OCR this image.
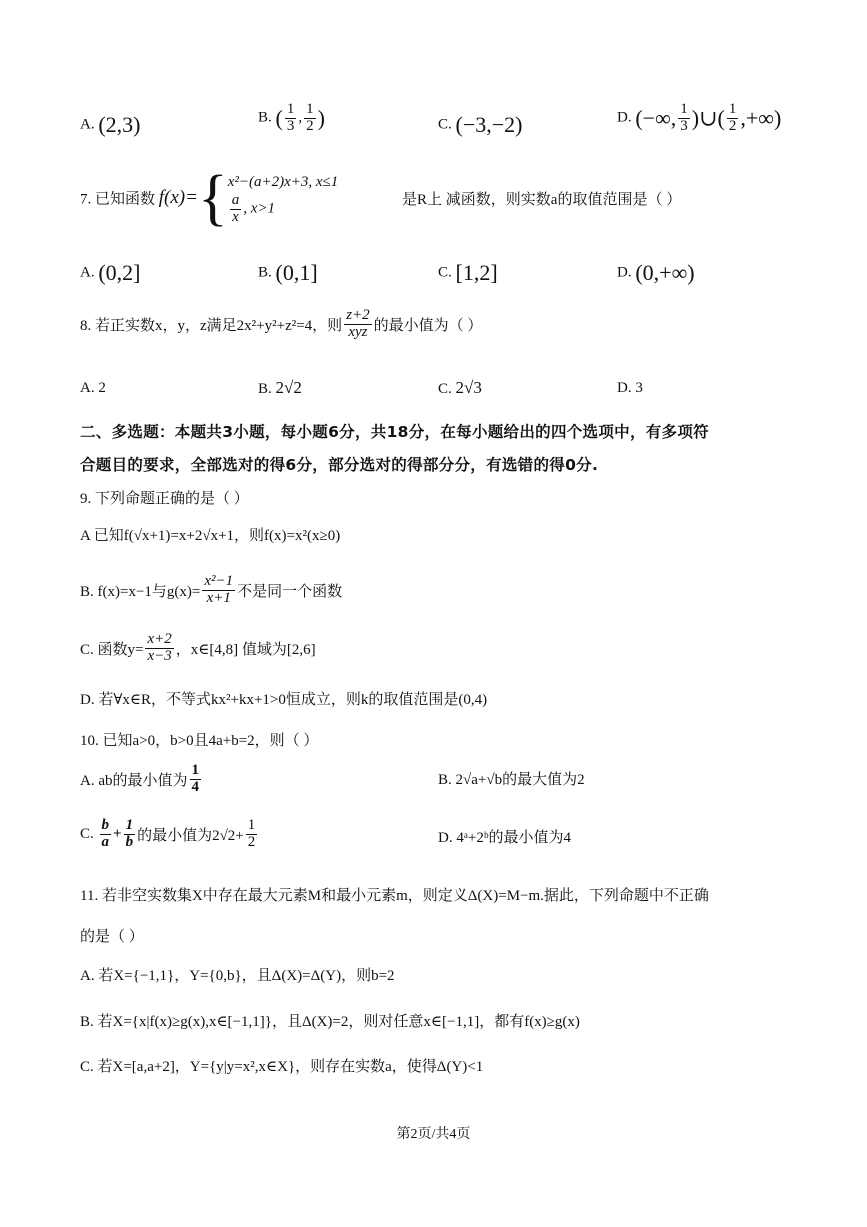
A. (2,3)	B. ( $\frac{1}{3}$ , $\frac{1}{2}$ )	C. (−3,−2)	D. (−∞, $\frac{1}{3}$ )∪( $\frac{1}{2}$ ,+∞)
7. 已知函数 f(x)={ x²−(a+2)x+3, x≤1
$\frac{a}{x}$ , x>1
是R上 减函数，则实数a的取值范围是（ ）
A. (0,2]	B. (0,1]	C. [1,2]	D. (0,+∞)
8. 若正实数x，y，z满足2x²+y²+z²=4，则 $\frac{z+2}{\text{xyz}}$ 的最小值为（ ）
A. 2	B. 2√2	C. 2√3	D. 3
二、多选题：本题共3小题，每小题6分，共18分，在每小题给出的四个选项中，有多项符
合题目的要求，全部选对的得6分，部分选对的得部分分，有选错的得0分.
9. 下列命题正确的是（ ）
A 已知f(√x+1)=x+2√x+1，则f(x)=x²(x≥0)
B. f(x)=x−1与$g(x)= \frac{\text{x²−1}}{x+1}$ 不是同一个函数
C. 函数$y= \frac{x+2}{x-3}$ ，x∈[4,8] 值域为[2,6]
D. 若∀x∈R，不等式kx²+kx+1>0恒成立，则k的取值范围是(0,4)
10. 已知a>0，b>0且4a+b=2，则（ ）
A. ab的最小值为 $\frac{1}{4}$	B. 2√a+√b的最大值为2
C. $\frac{b}{a} + \frac{1}{b}$ 的最小值为$2√2+ \frac{1}{2}$	D. 4ᵃ+2ᵇ的最小值为4
11. 若非空实数集X中存在最大元素M和最小元素m，则定义Δ(X)=M−m.据此，下列命题中不正确
的是（ ）
A. 若X={−1,1}，Y={0,b}，且Δ(X)=Δ(Y)，则b=2
B. 若X={x|f(x)≥g(x),x∈[−1,1]}，且Δ(X)=2，则对任意x∈[−1,1]，都有f(x)≥g(x)
C. 若X=[a,a+2]，Y={y|y=x²,x∈X}，则存在实数a，使得Δ(Y)<1
第2页/共4页
